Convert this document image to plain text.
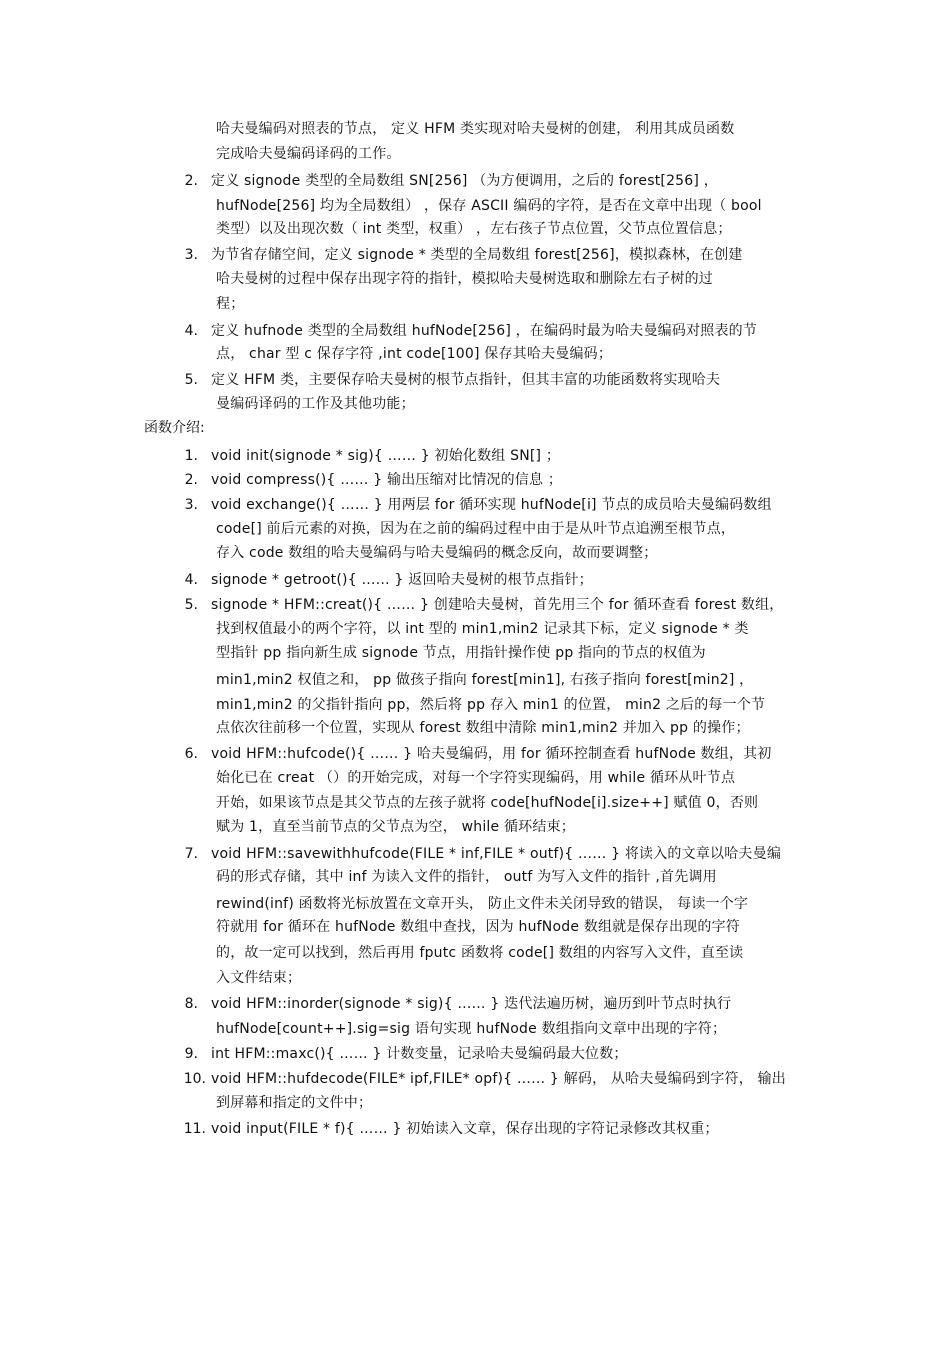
哈夫曼编码对照表的节点， 定义 HFM 类实现对哈夫曼树的创建， 利用其成员函数
完成哈夫曼编码译码的工作。
2. 定义 signode 类型的全局数组 SN[256] （为方便调用，之后的 forest[256] ，
hufNode[256] 均为全局数组） ，保存 ASCII 编码的字符，是否在文章中出现（ bool
类型）以及出现次数（ int 类型，权重） ，左右孩子节点位置，父节点位置信息；
3. 为节省存储空间，定义 signode * 类型的全局数组 forest[256]，模拟森林，在创建
哈夫曼树的过程中保存出现字符的指针，模拟哈夫曼树选取和删除左右子树的过
程；
4. 定义 hufnode 类型的全局数组 hufNode[256] ，在编码时最为哈夫曼编码对照表的节
点， char 型 c 保存字符 ,int code[100] 保存其哈夫曼编码；
5. 定义 HFM 类，主要保存哈夫曼树的根节点指针，但其丰富的功能函数将实现哈夫
曼编码译码的工作及其他功能；
函数介绍:
1. void init(signode * sig){ …… } 初始化数组 SN[] ；
2. void compress(){ …… } 输出压缩对比情况的信息 ；
3. void exchange(){ …… } 用两层 for 循环实现 hufNode[i] 节点的成员哈夫曼编码数组
code[] 前后元素的对换，因为在之前的编码过程中由于是从叶节点追溯至根节点，
存入 code 数组的哈夫曼编码与哈夫曼编码的概念反向，故而要调整；
4. signode * getroot(){ …… } 返回哈夫曼树的根节点指针；
5. signode * HFM::creat(){ …… } 创建哈夫曼树，首先用三个 for 循环查看 forest 数组，
找到权值最小的两个字符，以 int 型的 min1,min2 记录其下标，定义 signode * 类
型指针 pp 指向新生成 signode 节点，用指针操作使 pp 指向的节点的权值为
min1,min2 权值之和， pp 做孩子指向 forest[min1], 右孩子指向 forest[min2] ，
min1,min2 的父指针指向 pp，然后将 pp 存入 min1 的位置， min2 之后的每一个节
点依次往前移一个位置，实现从 forest 数组中清除 min1,min2 并加入 pp 的操作；
6. void HFM::hufcode(){ …… } 哈夫曼编码，用 for 循环控制查看 hufNode 数组，其初
始化已在 creat （）的开始完成，对每一个字符实现编码，用 while 循环从叶节点
开始，如果该节点是其父节点的左孩子就将 code[hufNode[i].size++] 赋值 0，否则
赋为 1，直至当前节点的父节点为空， while 循环结束；
7. void HFM::savewithhufcode(FILE * inf,FILE * outf){ …… } 将读入的文章以哈夫曼编
码的形式存储，其中 inf 为读入文件的指针， outf 为写入文件的指针 ,首先调用
rewind(inf) 函数将光标放置在文章开头， 防止文件未关闭导致的错误， 每读一个字
符就用 for 循环在 hufNode 数组中查找，因为 hufNode 数组就是保存出现的字符
的，故一定可以找到，然后再用 fputc 函数将 code[] 数组的内容写入文件，直至读
入文件结束；
8. void HFM::inorder(signode * sig){ …… } 迭代法遍历树，遍历到叶节点时执行
hufNode[count++].sig=sig 语句实现 hufNode 数组指向文章中出现的字符；
9. int HFM::maxc(){ …… } 计数变量，记录哈夫曼编码最大位数；
10. void HFM::hufdecode(FILE* ipf,FILE* opf){ …… } 解码， 从哈夫曼编码到字符， 输出
到屏幕和指定的文件中；
11. void input(FILE * f){ …… } 初始读入文章，保存出现的字符记录修改其权重；
